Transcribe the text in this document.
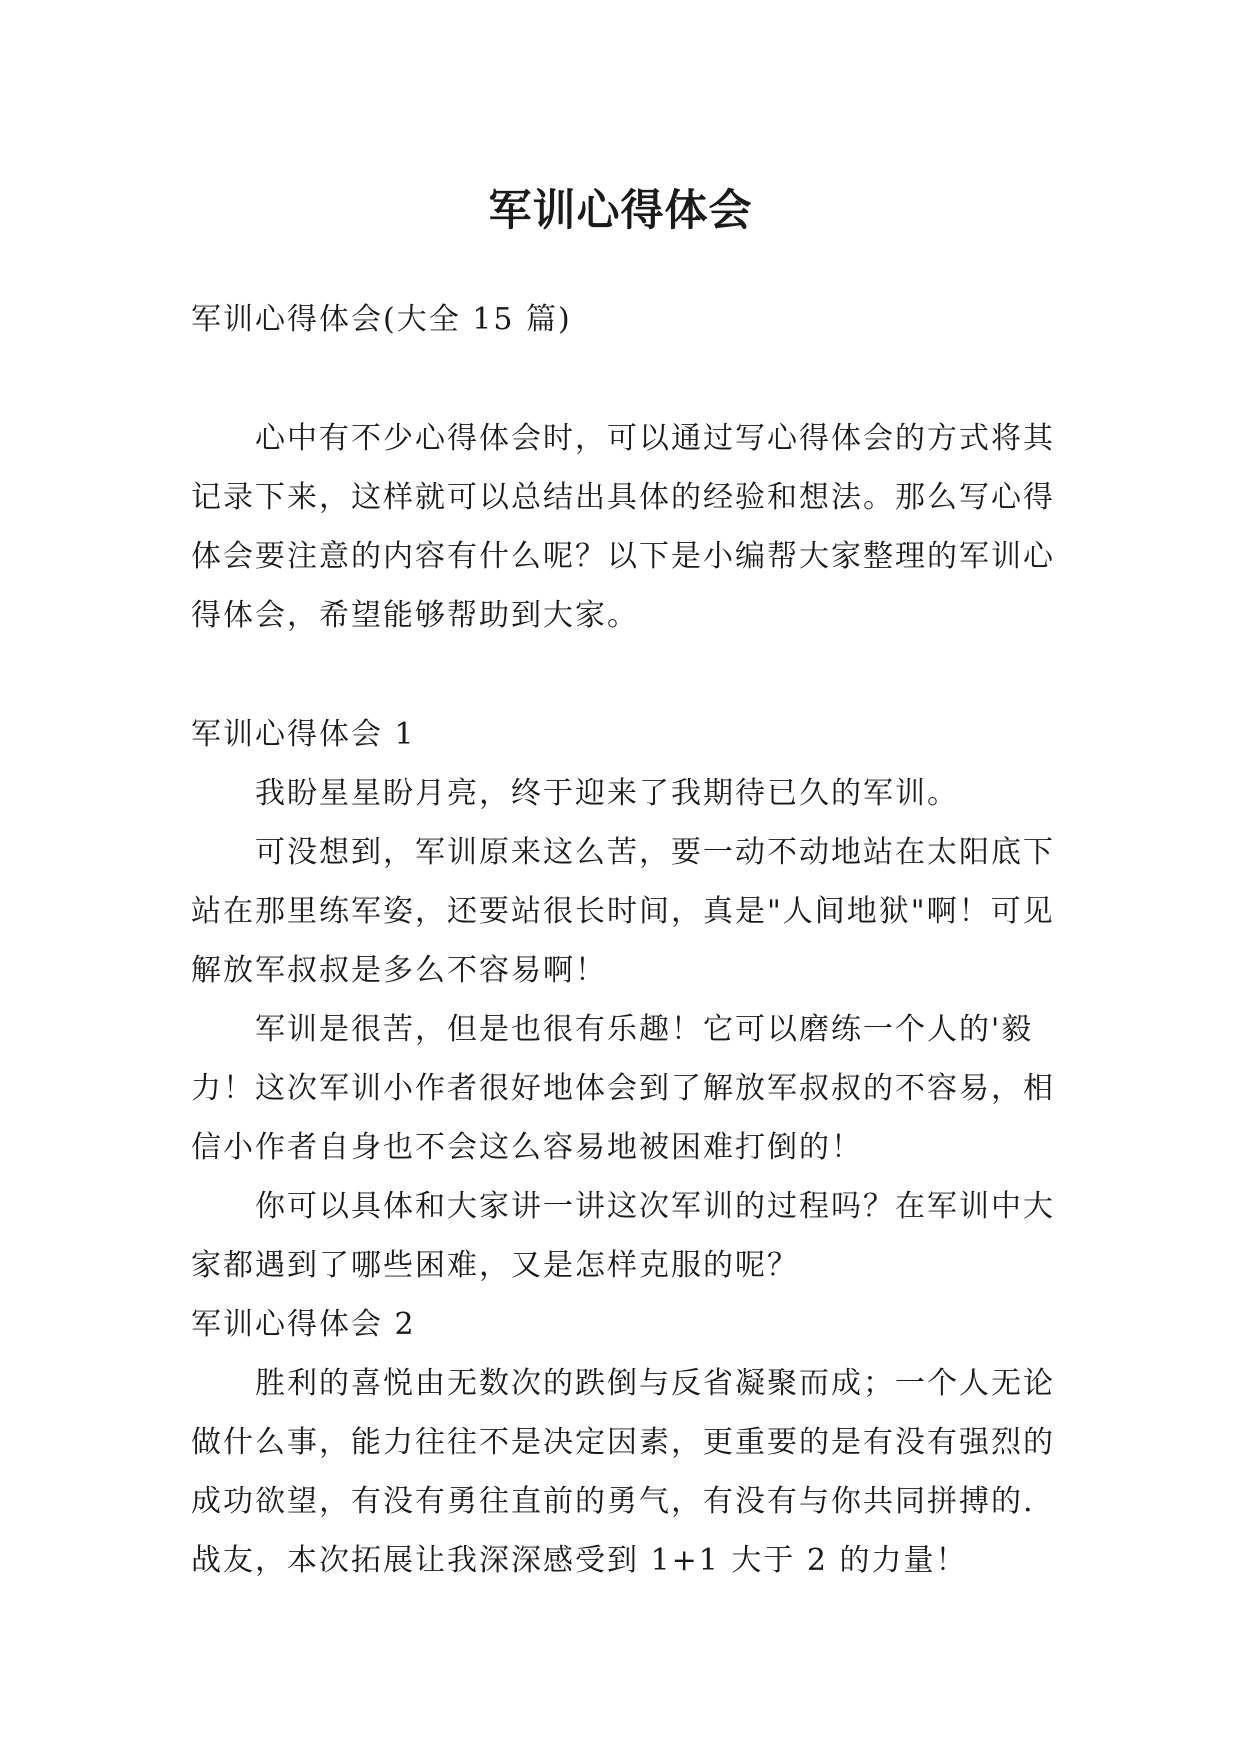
军训心得体会

军训心得体会(大全 15 篇)

心中有不少心得体会时，可以通过写心得体会的方式将其记录下来，这样就可以总结出具体的经验和想法。那么写心得体会要注意的内容有什么呢？以下是小编帮大家整理的军训心得体会，希望能够帮助到大家。

军训心得体会 1

我盼星星盼月亮，终于迎来了我期待已久的军训。

可没想到，军训原来这么苦，要一动不动地站在太阳底下站在那里练军姿，还要站很长时间，真是"人间地狱"啊！可见解放军叔叔是多么不容易啊！

军训是很苦，但是也很有乐趣！它可以磨练一个人的'毅力！这次军训小作者很好地体会到了解放军叔叔的不容易，相信小作者自身也不会这么容易地被困难打倒的！

你可以具体和大家讲一讲这次军训的过程吗？在军训中大家都遇到了哪些困难，又是怎样克服的呢？

军训心得体会 2

胜利的喜悦由无数次的跌倒与反省凝聚而成；一个人无论做什么事，能力往往不是决定因素，更重要的是有没有强烈的成功欲望，有没有勇往直前的勇气，有没有与你共同拼搏的.战友，本次拓展让我深深感受到 1+1 大于 2 的力量！
